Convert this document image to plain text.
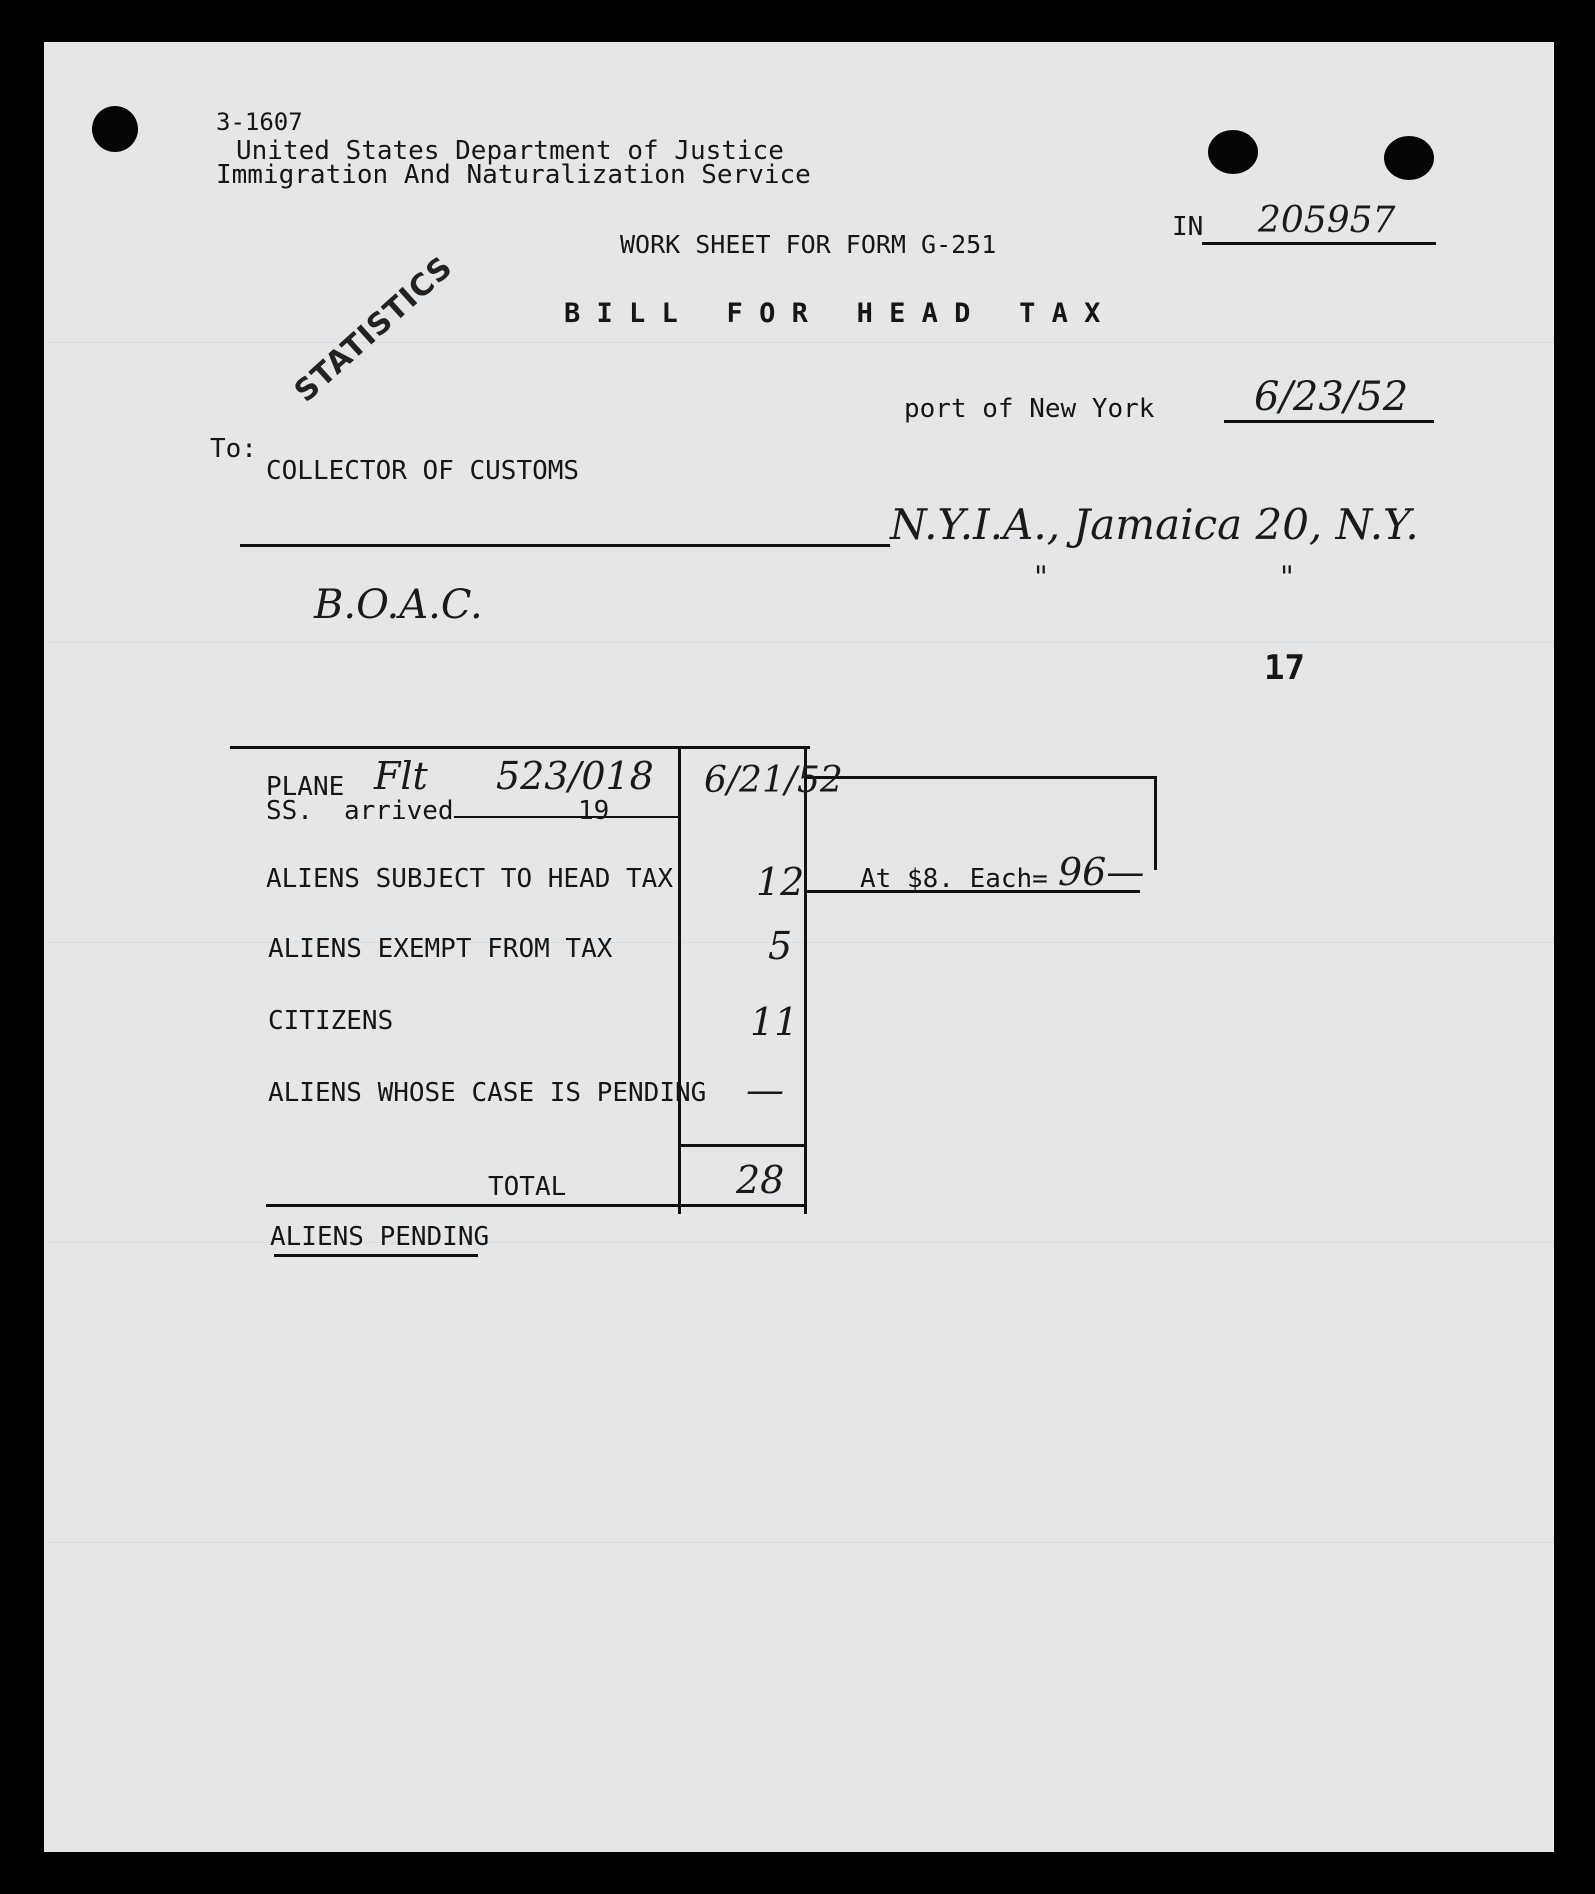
3-1607
United States Department of Justice
Immigration And Naturalization Service
WORK SHEET FOR FORM G-251
IN 205957
B I L L   F O R   H E A D   T A X
STATISTICS	port of New York 6/23/52
To:
COLLECTOR OF CUSTOMS
N.Y.I.A., Jamaica 20, N.Y.
"	"
B.O.A.C.
17
PLANE Flt 523/018 6/21/52
SS. arrived	19
ALIENS SUBJECT TO HEAD TAX 12 At $8. Each= 96—
ALIENS EXEMPT FROM TAX	5
CITIZENS	11
ALIENS WHOSE CASE IS PENDING —
TOTAL	28
ALIENS PENDING
